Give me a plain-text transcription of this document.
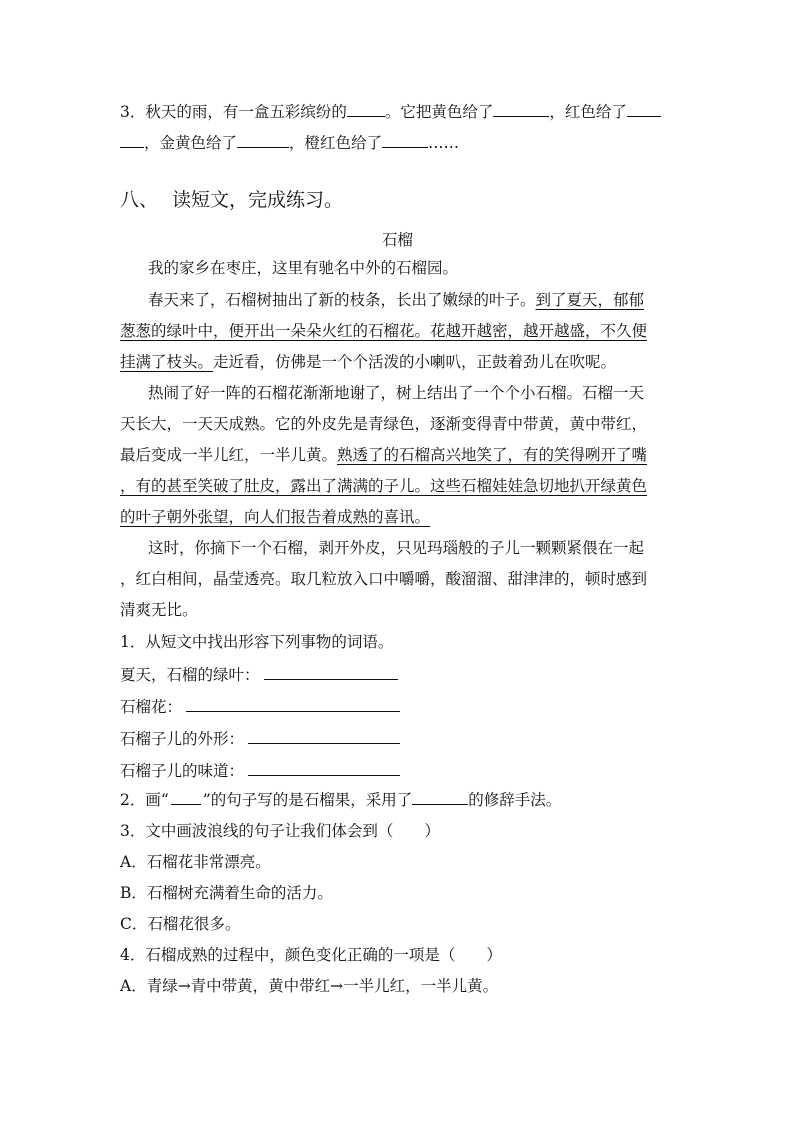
3．秋天的雨，有一盒五彩缤纷的 。它把黄色给了	，红色给了
，金黄色给了	，橙红色给了	……
八、 读短文，完成练习。
石榴
我的家乡在枣庄，这里有驰名中外的石榴园。
春天来了，石榴树抽出了新的枝条，长出了嫩绿的叶子。到了夏天，郁郁
葱葱的绿叶中，便开出一朵朵火红的石榴花。花越开越密，越开越盛，不久便
挂满了枝头。走近看，仿佛是一个个活泼的小喇叭，正鼓着劲儿在吹呢。
热闹了好一阵的石榴花渐渐地谢了，树上结出了一个个小石榴。石榴一天
天长大，一天天成熟。它的外皮先是青绿色，逐渐变得青中带黄，黄中带红，
最后变成一半儿红，一半儿黄。熟透了的石榴高兴地笑了，有的笑得咧开了嘴
，有的甚至笑破了肚皮，露出了满满的子儿。这些石榴娃娃急切地扒开绿黄色
的叶子朝外张望，向人们报告着成熟的喜讯。
这时，你摘下一个石榴，剥开外皮，只见玛瑙般的子儿一颗颗紧偎在一起
，红白相间，晶莹透亮。取几粒放入口中嚼嚼，酸溜溜、甜津津的，顿时感到
清爽无比。
1．从短文中找出形容下列事物的词语。
夏天，石榴的绿叶：
石榴花：
石榴子儿的外形：
石榴子儿的味道：
2．画“ ”的句子写的是石榴果，采用了	的修辞手法。
3．文中画波浪线的句子让我们体会到（　　）
A．石榴花非常漂亮。
B．石榴树充满着生命的活力。
C．石榴花很多。
4．石榴成熟的过程中，颜色变化正确的一项是（　　）
A．青绿→青中带黄，黄中带红→一半儿红，一半儿黄。
